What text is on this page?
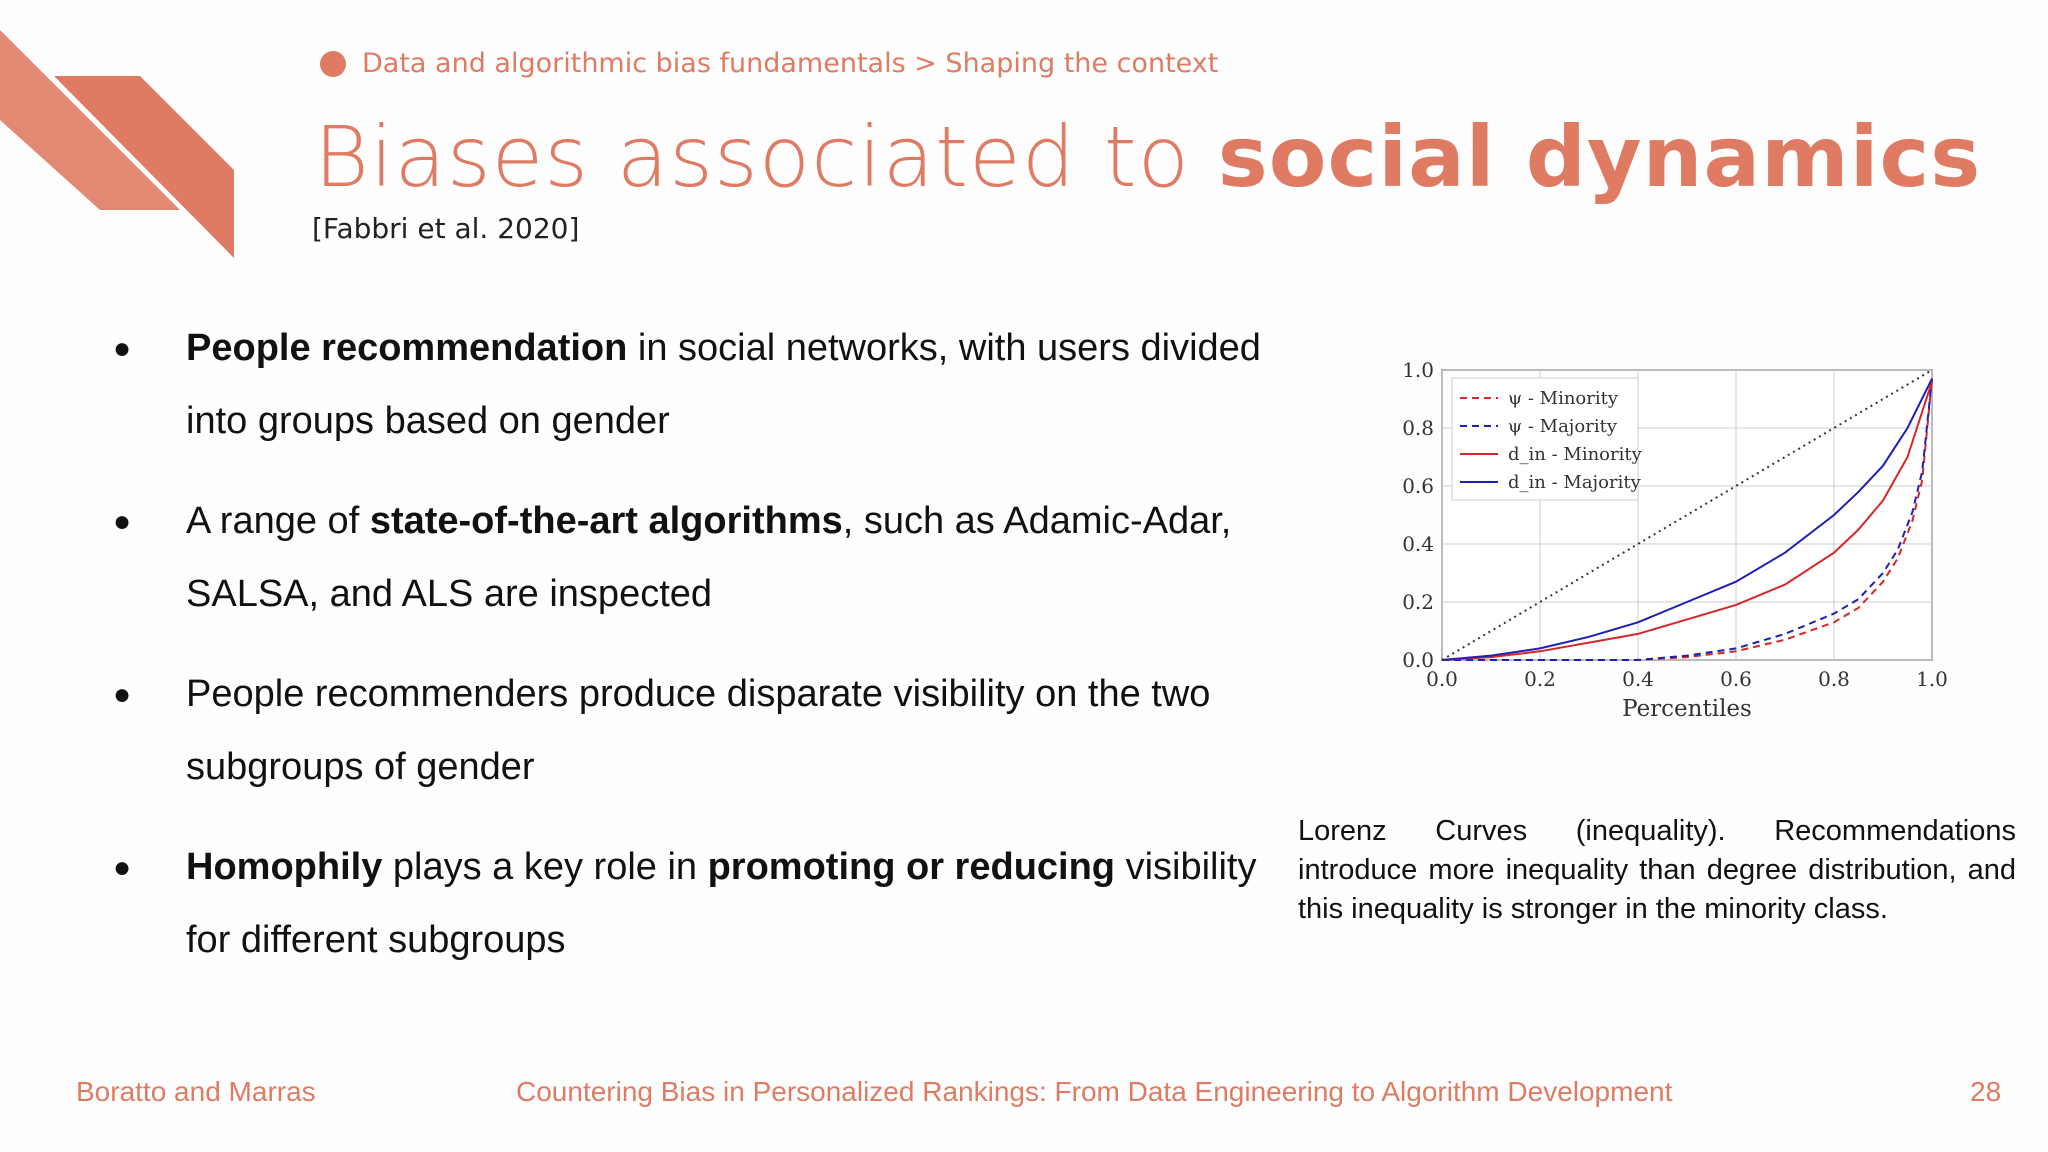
Data and algorithmic bias fundamentals > Shaping the context
Biases associated to social dynamics
[Fabbri et al. 2020]
● People recommendation in social networks, with users divided into groups based on gender
● A range of state-of-the-art algorithms, such as Adamic-Adar, SALSA, and ALS are inspected
● People recommenders produce disparate visibility on the two subgroups of gender
● Homophily plays a key role in promoting or reducing visibility for different subgroups
0.0	0.2	0.4	0.6	0.8	1.0
0.0
0.2
0.4
0.6
0.8
1.0
Percentiles
ψ - Minority
ψ - Majority
d_in - Minority
d_in - Majority
Lorenz Curves (inequality). Recommendations introduce more inequality than degree distribution, and this inequality is stronger in the minority class.
Boratto and Marras	Countering Bias in Personalized Rankings: From Data Engineering to Algorithm Development	28
